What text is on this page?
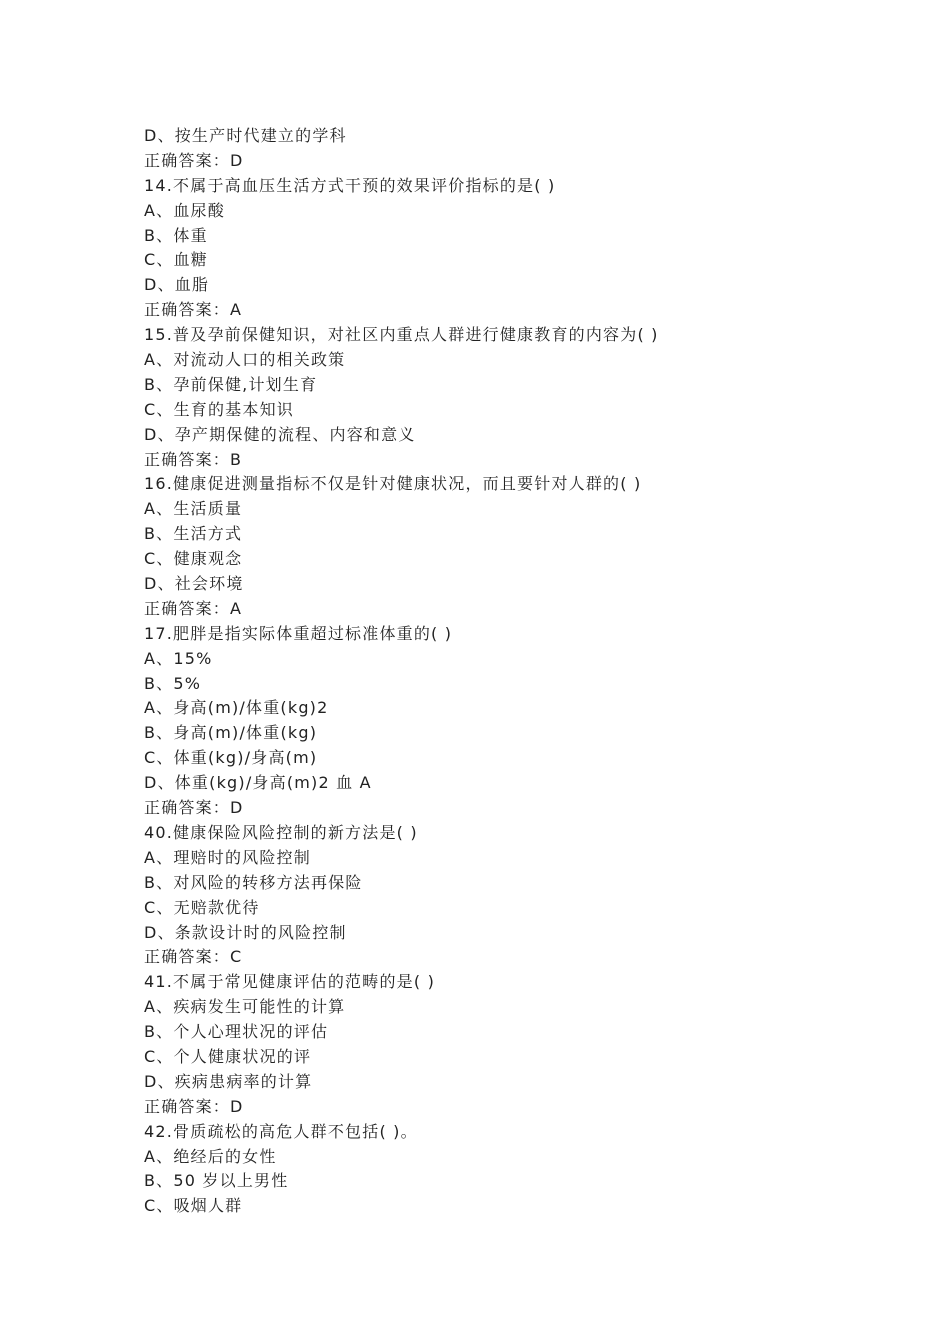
D、按生产时代建立的学科
正确答案：D
14.不属于高血压生活方式干预的效果评价指标的是( )
A、血尿酸
B、体重
C、血糖
D、血脂
正确答案：A
15.普及孕前保健知识，对社区内重点人群进行健康教育的内容为( )
A、对流动人口的相关政策
B、孕前保健,计划生育
C、生育的基本知识
D、孕产期保健的流程、内容和意义
正确答案：B
16.健康促进测量指标不仅是针对健康状况，而且要针对人群的( )
A、生活质量
B、生活方式
C、健康观念
D、社会环境
正确答案：A
17.肥胖是指实际体重超过标准体重的( )
A、15%
B、5%
A、身高(m)/体重(kg)2
B、身高(m)/体重(kg)
C、体重(kg)/身高(m)
D、体重(kg)/身高(m)2 血 A
正确答案：D
40.健康保险风险控制的新方法是( )
A、理赔时的风险控制
B、对风险的转移方法再保险
C、无赔款优待
D、条款设计时的风险控制
正确答案：C
41.不属于常见健康评估的范畴的是( )
A、疾病发生可能性的计算
B、个人心理状况的评估
C、个人健康状况的评
D、疾病患病率的计算
正确答案：D
42.骨质疏松的高危人群不包括( )。
A、绝经后的女性
B、50 岁以上男性
C、吸烟人群
